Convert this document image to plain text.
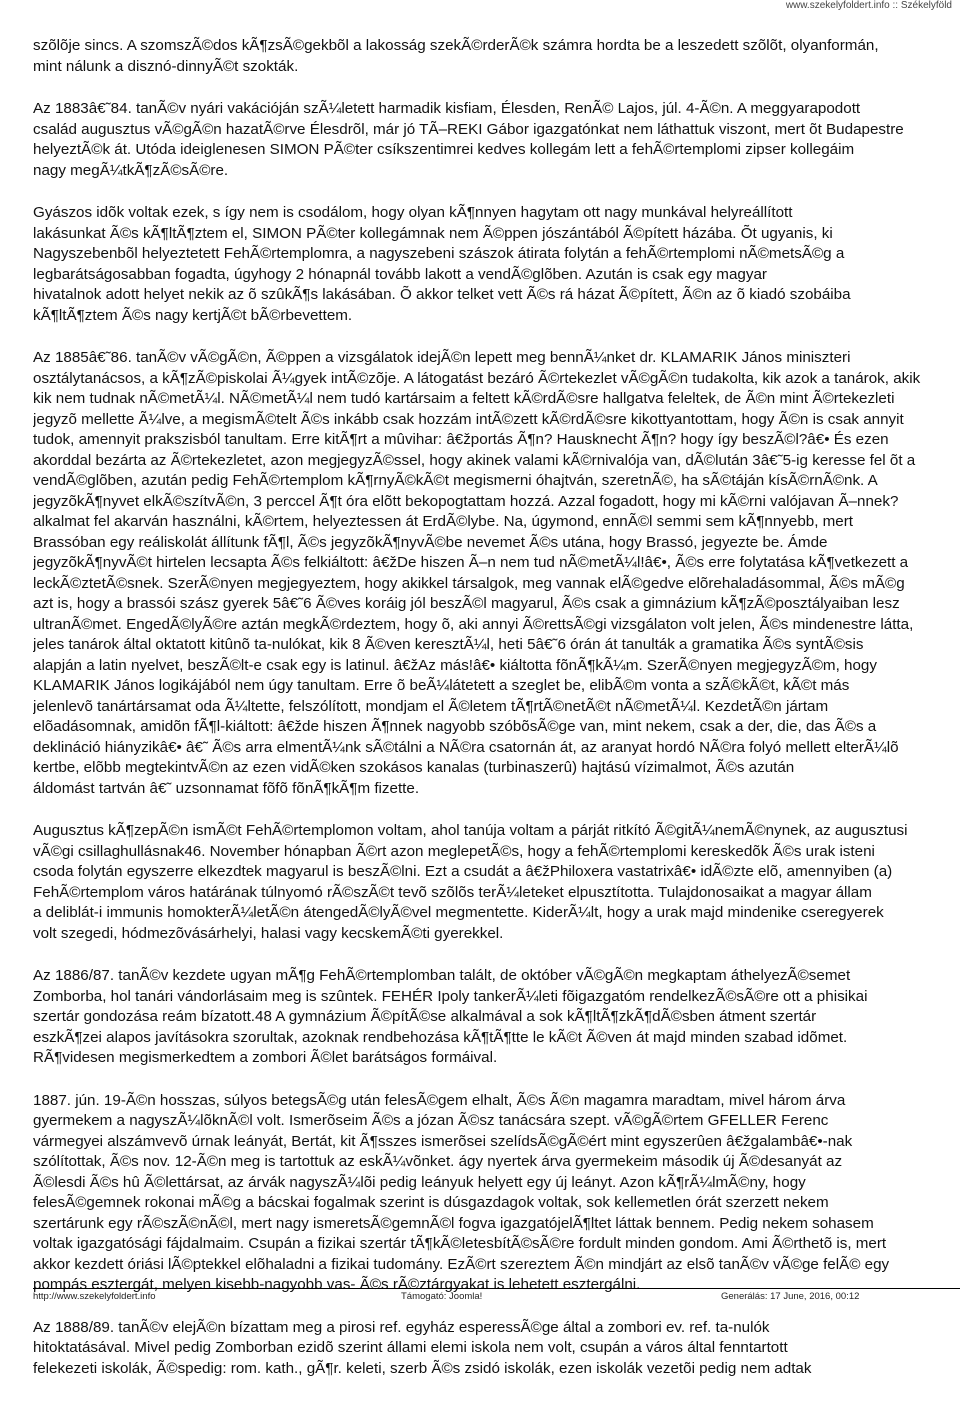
www.szekelyfoldert.info :: Székelyföld
szõlõje sincs. A szomszÃ©dos kÃ¶zsÃ©gekbõl a lakosság szekÃ©rderÃ©k számra hordta be a leszedett szõlõt, olyanformán,
mint nálunk a disznó-dinnyÃ©t szokták.
Az 1883â€˜84. tanÃ©v nyári vakációján szÃ¼letett harmadik kisfiam, Élesden, RenÃ© Lajos, júl. 4-Ã©n. A meggyarapodott
család augusztus vÃ©gÃ©n hazatÃ©rve Élesdrõl, már jó TÃ–REKI Gábor igazgatónkat nem láthattuk viszont, mert õt Budapestre
helyeztÃ©k át. Utóda ideiglenesen SIMON PÃ©ter csíkszentimrei kedves kollegám lett a fehÃ©rtemplomi zipser kollegáim
nagy megÃ¼tkÃ¶zÃ©sÃ©re.
Gyászos idõk voltak ezek, s így nem is csodálom, hogy olyan kÃ¶nnyen hagytam ott nagy munkával helyreállított
lakásunkat Ã©s kÃ¶ltÃ¶ztem el, SIMON PÃ©ter kollegámnak nem Ã©ppen jószántából Ã©pített házába. Õt ugyanis, ki
Nagyszebenbõl helyeztetett FehÃ©rtemplomra, a nagyszebeni szászok átirata folytán a fehÃ©rtemplomi nÃ©metsÃ©g a
legbarátságosabban fogadta, úgyhogy 2 hónapnál tovább lakott a vendÃ©glõben. Azután is csak egy magyar
hivatalnok adott helyet nekik az õ szûkÃ¶s lakásában. Õ akkor telket vett Ã©s rá házat Ã©pített, Ã©n az õ kiadó szobáiba
kÃ¶ltÃ¶ztem Ã©s nagy kertjÃ©t bÃ©rbevettem.
Az 1885â€˜86. tanÃ©v vÃ©gÃ©n, Ã©ppen a vizsgálatok idejÃ©n lepett meg bennÃ¼nket dr. KLAMARIK János miniszteri
osztálytanácsos, a kÃ¶zÃ©piskolai Ã¼gyek intÃ©zõje. A látogatást bezáró Ã©rtekezlet vÃ©gÃ©n tudakolta, kik azok a tanárok, akik
kik nem tudnak nÃ©metÃ¼l. NÃ©metÃ¼l nem tudó kartársaim a feltett kÃ©rdÃ©sre hallgatva feleltek, de Ã©n mint Ã©rtekezleti
jegyzõ mellette Ã¼lve, a megismÃ©telt Ã©s inkább csak hozzám intÃ©zett kÃ©rdÃ©sre kikottyantottam, hogy Ã©n is csak annyit
tudok, amennyit prakszisból tanultam. Erre kitÃ¶rt a mûvihar: â€žportás Ã¶n? Hausknecht Ã¶n? hogy így beszÃ©l?â€• És ezen
akorddal bezárta az Ã©rtekezletet, azon megjegyzÃ©ssel, hogy akinek valami kÃ©rnivalója van, dÃ©lután 3â€˜5-ig keresse fel õt a
vendÃ©glõben, azután pedig FehÃ©rtemplom kÃ¶rnyÃ©kÃ©t megismerni óhajtván, szeretnÃ©, ha sÃ©táján kísÃ©rnÃ©nk. A
jegyzõkÃ¶nyvet elkÃ©szítvÃ©n, 3 perccel Ã¶t óra elõtt bekopogtattam hozzá. Azzal fogadott, hogy mi kÃ©rni valójavan Ã–nnek?
alkalmat fel akarván használni, kÃ©rtem, helyeztessen át ErdÃ©lybe. Na, úgymond, ennÃ©l semmi sem kÃ¶nnyebb, mert
Brassóban egy reáliskolát állítunk fÃ¶l, Ã©s jegyzõkÃ¶nyvÃ©be nevemet Ã©s utána, hogy Brassó, jegyezte be. Ámde
jegyzõkÃ¶nyvÃ©t hirtelen lecsapta Ã©s felkiáltott: â€žDe hiszen Ã–n nem tud nÃ©metÃ¼l!â€•, Ã©s erre folytatása kÃ¶vetkezett a
leckÃ©ztetÃ©snek. SzerÃ©nyen megjegyeztem, hogy akikkel társalgok, meg vannak elÃ©gedve elõrehaladásommal, Ã©s mÃ©g
azt is, hogy a brassói szász gyerek 5â€˜6 Ã©ves koráig jól beszÃ©l magyarul, Ã©s csak a gimnázium kÃ¶zÃ©posztályaiban lesz
ultranÃ©met. EngedÃ©lyÃ©re aztán megkÃ©rdeztem, hogy õ, aki annyi Ã©rettsÃ©gi vizsgálaton volt jelen, Ã©s mindenestre látta,
jeles tanárok által oktatott kitûnõ ta-nulókat, kik 8 Ã©ven keresztÃ¼l, heti 5â€˜6 órán át tanulták a gramatika Ã©s syntÃ©sis
alapján a latin nyelvet, beszÃ©lt-e csak egy is latinul. â€žAz más!â€• kiáltotta fõnÃ¶kÃ¼m. SzerÃ©nyen megjegyzÃ©m, hogy
KLAMARIK János logikájából nem úgy tanultam. Erre õ beÃ¼látetett a szeglet be, elibÃ©m vonta a szÃ©kÃ©t, kÃ©t más
jelenlevõ tanártársamat oda Ã¼ltette, felszólított, mondjam el Ã©letem tÃ¶rtÃ©netÃ©t nÃ©metÃ¼l. KezdetÃ©n jártam
elõadásomnak, amidõn fÃ¶l-kiáltott: â€žde hiszen Ã¶nnek nagyobb szóbõsÃ©ge van, mint nekem, csak a der, die, das Ã©s a
deklináció hiányzikâ€• â€˜ Ã©s arra elmentÃ¼nk sÃ©tálni a NÃ©ra csatornán át, az aranyat hordó NÃ©ra folyó mellett elterÃ¼lõ
kertbe, elõbb megtekintvÃ©n az ezen vidÃ©ken szokásos kanalas (turbinaszerû) hajtású vízimalmot, Ã©s azután
áldomást tartván â€˜ uzsonnamat fõfõ fõnÃ¶kÃ¶m fizette.
Augusztus kÃ¶zepÃ©n ismÃ©t FehÃ©rtemplomon voltam, ahol tanúja voltam a párját ritkító Ã©gitÃ¼nemÃ©nynek, az augusztusi
vÃ©gi csillaghullásnak46. November hónapban Ã©rt azon meglepetÃ©s, hogy a fehÃ©rtemplomi kereskedõk Ã©s urak isteni
csoda folytán egyszerre elkezdtek magyarul is beszÃ©lni. Ezt a csudát a â€žPhiloxera vastatrixâ€• idÃ©zte elõ, amennyiben (a)
FehÃ©rtemplom város határának túlnyomó rÃ©szÃ©t tevõ szõlõs terÃ¼leteket elpusztította. Tulajdonosaikat a magyar állam
a deliblát-i immunis homokterÃ¼letÃ©n átengedÃ©lyÃ©vel megmentette. KiderÃ¼lt, hogy a urak majd mindenike cseregyerek
volt szegedi, hódmezõvásárhelyi, halasi vagy kecskemÃ©ti gyerekkel.
Az 1886/87. tanÃ©v kezdete ugyan mÃ¶g FehÃ©rtemplomban talált, de október vÃ©gÃ©n megkaptam áthelyezÃ©semet
Zomborba, hol tanári vándorlásaim meg is szûntek. FEHÉR Ipoly tankerÃ¼leti fõigazgatóm rendelkezÃ©sÃ©re ott a phisikai
szertár gondozása reám bízatott.48 A gymnázium Ã©pítÃ©se alkalmával a sok kÃ¶ltÃ¶zkÃ¶dÃ©sben átment szertár
eszkÃ¶zei alapos javításokra szorultak, azoknak rendbehozása kÃ¶tÃ¶tte le kÃ©t Ã©ven át majd minden szabad idõmet.
RÃ¶videsen megismerkedtem a zombori Ã©let barátságos formáival.
1887. jún. 19-Ã©n hosszas, súlyos betegsÃ©g után felesÃ©gem elhalt, Ã©s Ã©n magamra maradtam, mivel három árva
gyermekem a nagyszÃ¼lõknÃ©l volt. Ismerõseim Ã©s a józan Ã©sz tanácsára szept. vÃ©gÃ©rtem GFELLER Ferenc
vármegyei alszámvevõ úrnak leányát, Bertát, kit Ã¶sszes ismerõsei szelídsÃ©gÃ©ért mint egyszerûen â€žgalambâ€•-nak
szólítottak, Ã©s nov. 12-Ã©n meg is tartottuk az eskÃ¼võnket. ágy nyertek árva gyermekeim második új Ã©desanyát az
Ã©lesdi Ã©s hû Ã©lettársat, az árvák nagyszÃ¼lõi pedig leányuk helyett egy új leányt. Azon kÃ¶rÃ¼lmÃ©ny, hogy
felesÃ©gemnek rokonai mÃ©g a bácskai fogalmak szerint is dúsgazdagok voltak, sok kellemetlen órát szerzett nekem
szertárunk egy rÃ©szÃ©nÃ©l, mert nagy ismeretsÃ©gemnÃ©l fogva igazgatójelÃ¶ltet láttak bennem. Pedig nekem sohasem
voltak igazgatósági fájdalmaim. Csupán a fizikai szertár tÃ¶kÃ©letesbítÃ©sÃ©re fordult minden gondom. Ami Ã©rthetõ is, mert
akkor kezdett óriási lÃ©ptekkel elõhaladni a fizikai tudomány. EzÃ©rt szereztem Ã©n mindjárt az elsõ tanÃ©v vÃ©ge felÃ© egy
pompás esztergát, melyen kisebb-nagyobb vas- Ã©s rÃ©ztárgyakat is lehetett esztergálni.
Az 1888/89. tanÃ©v elejÃ©n bízattam meg a pirosi ref. egyház esperessÃ©ge által a zombori ev. ref. ta-nulók
hitoktatásával. Mivel pedig Zomborban ezidõ szerint állami elemi iskola nem volt, csupán a város által fenntartott
felekezeti iskolák, Ã©spedig: rom. kath., gÃ¶r. keleti, szerb Ã©s zsidó iskolák, ezen iskolák vezetõi pedig nem adtak
http://www.szekelyfoldert.info	Támogató: Joomla!	Generálás: 17 June, 2016, 00:12
